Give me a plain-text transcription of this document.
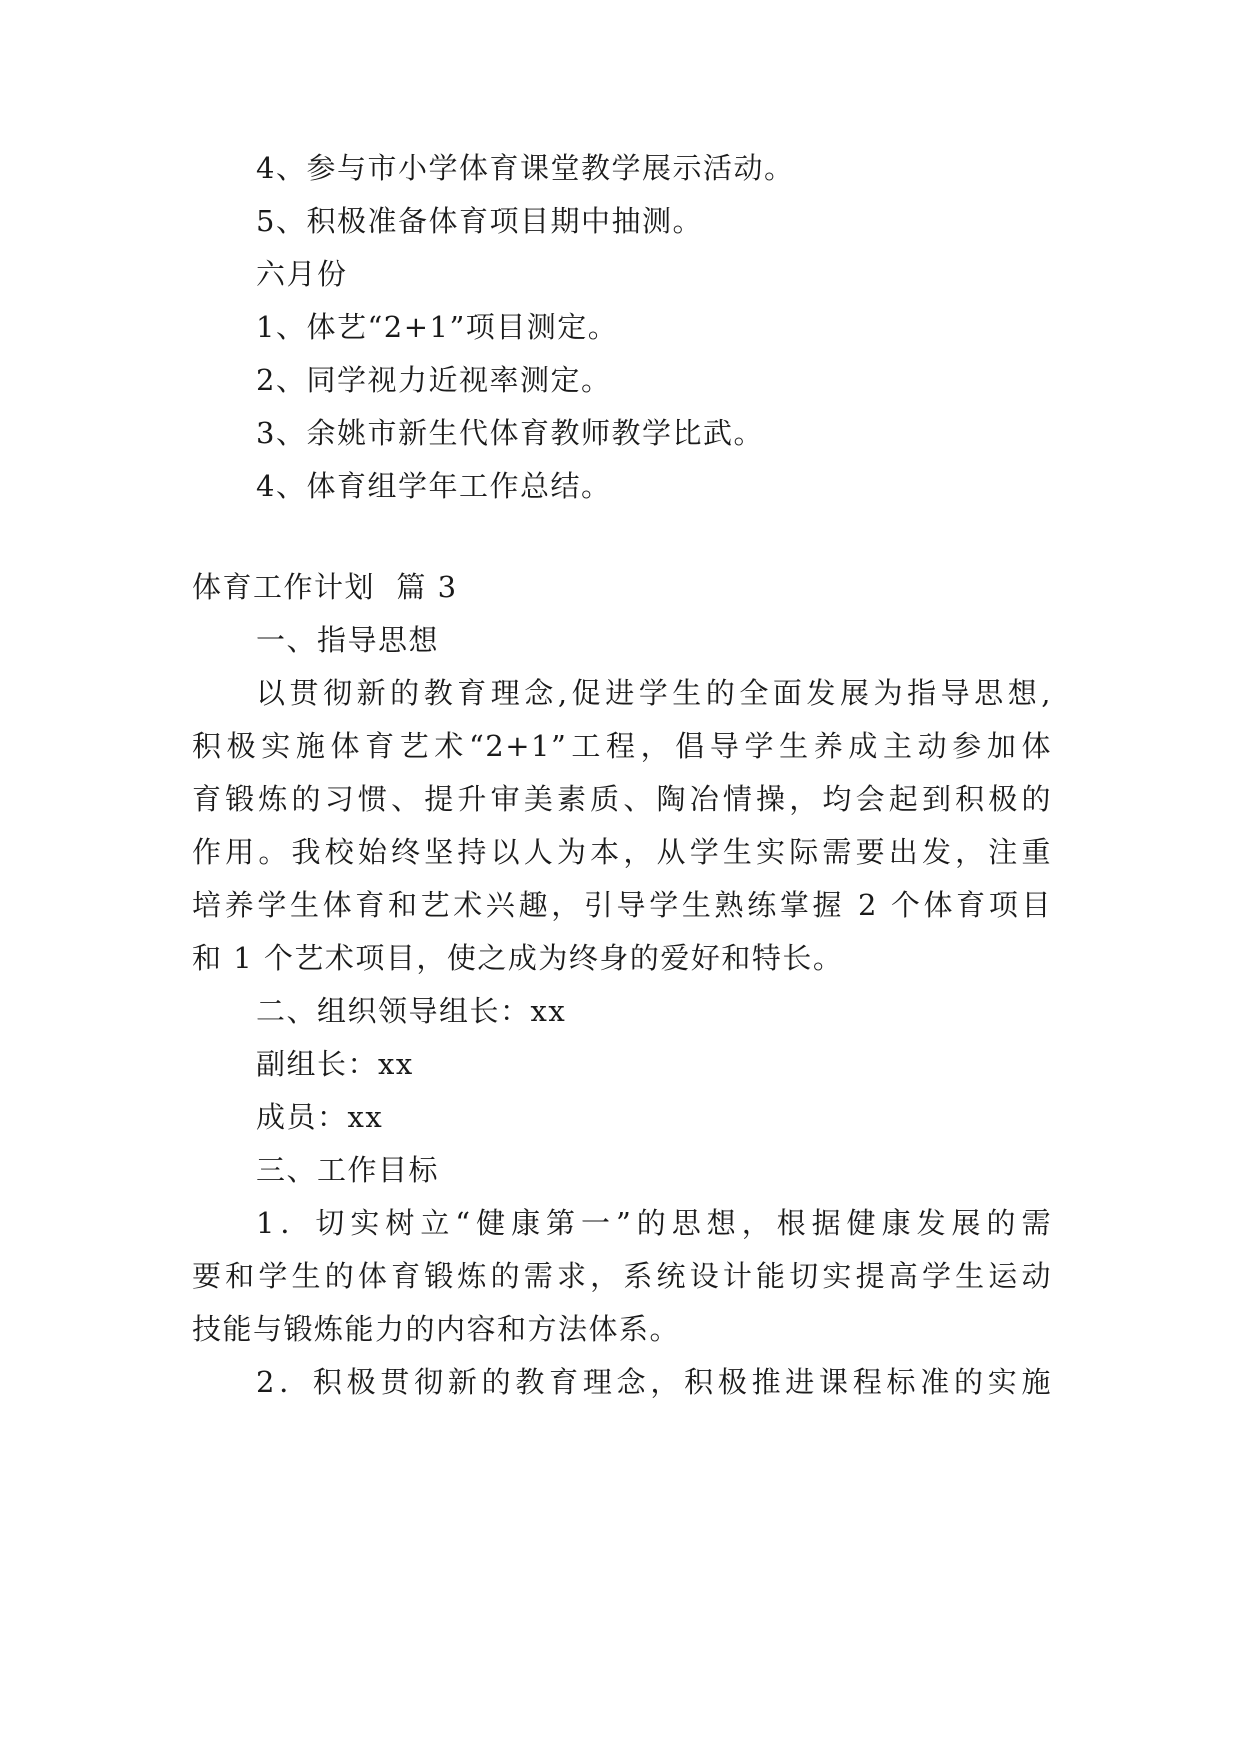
4、参与市小学体育课堂教学展示活动。
5、积极准备体育项目期中抽测。
六月份
1、体艺“2+1”项目测定。
2、同学视力近视率测定。
3、余姚市新生代体育教师教学比武。
4、体育组学年工作总结。
体育工作计划  篇 3
一、指导思想
以贯彻新的教育理念,促进学生的全面发展为指导思想,
积极实施体育艺术“2+1”工程，倡导学生养成主动参加体
育锻炼的习惯、提升审美素质、陶冶情操，均会起到积极的
作用。我校始终坚持以人为本，从学生实际需要出发，注重
培养学生体育和艺术兴趣，引导学生熟练掌握 2 个体育项目
和 1 个艺术项目，使之成为终身的爱好和特长。
二、组织领导组长：xx
副组长：xx
成员：xx
三、工作目标
1．切实树立“健康第一”的思想，根据健康发展的需
要和学生的体育锻炼的需求，系统设计能切实提高学生运动
技能与锻炼能力的内容和方法体系。
2．积极贯彻新的教育理念，积极推进课程标准的实施
